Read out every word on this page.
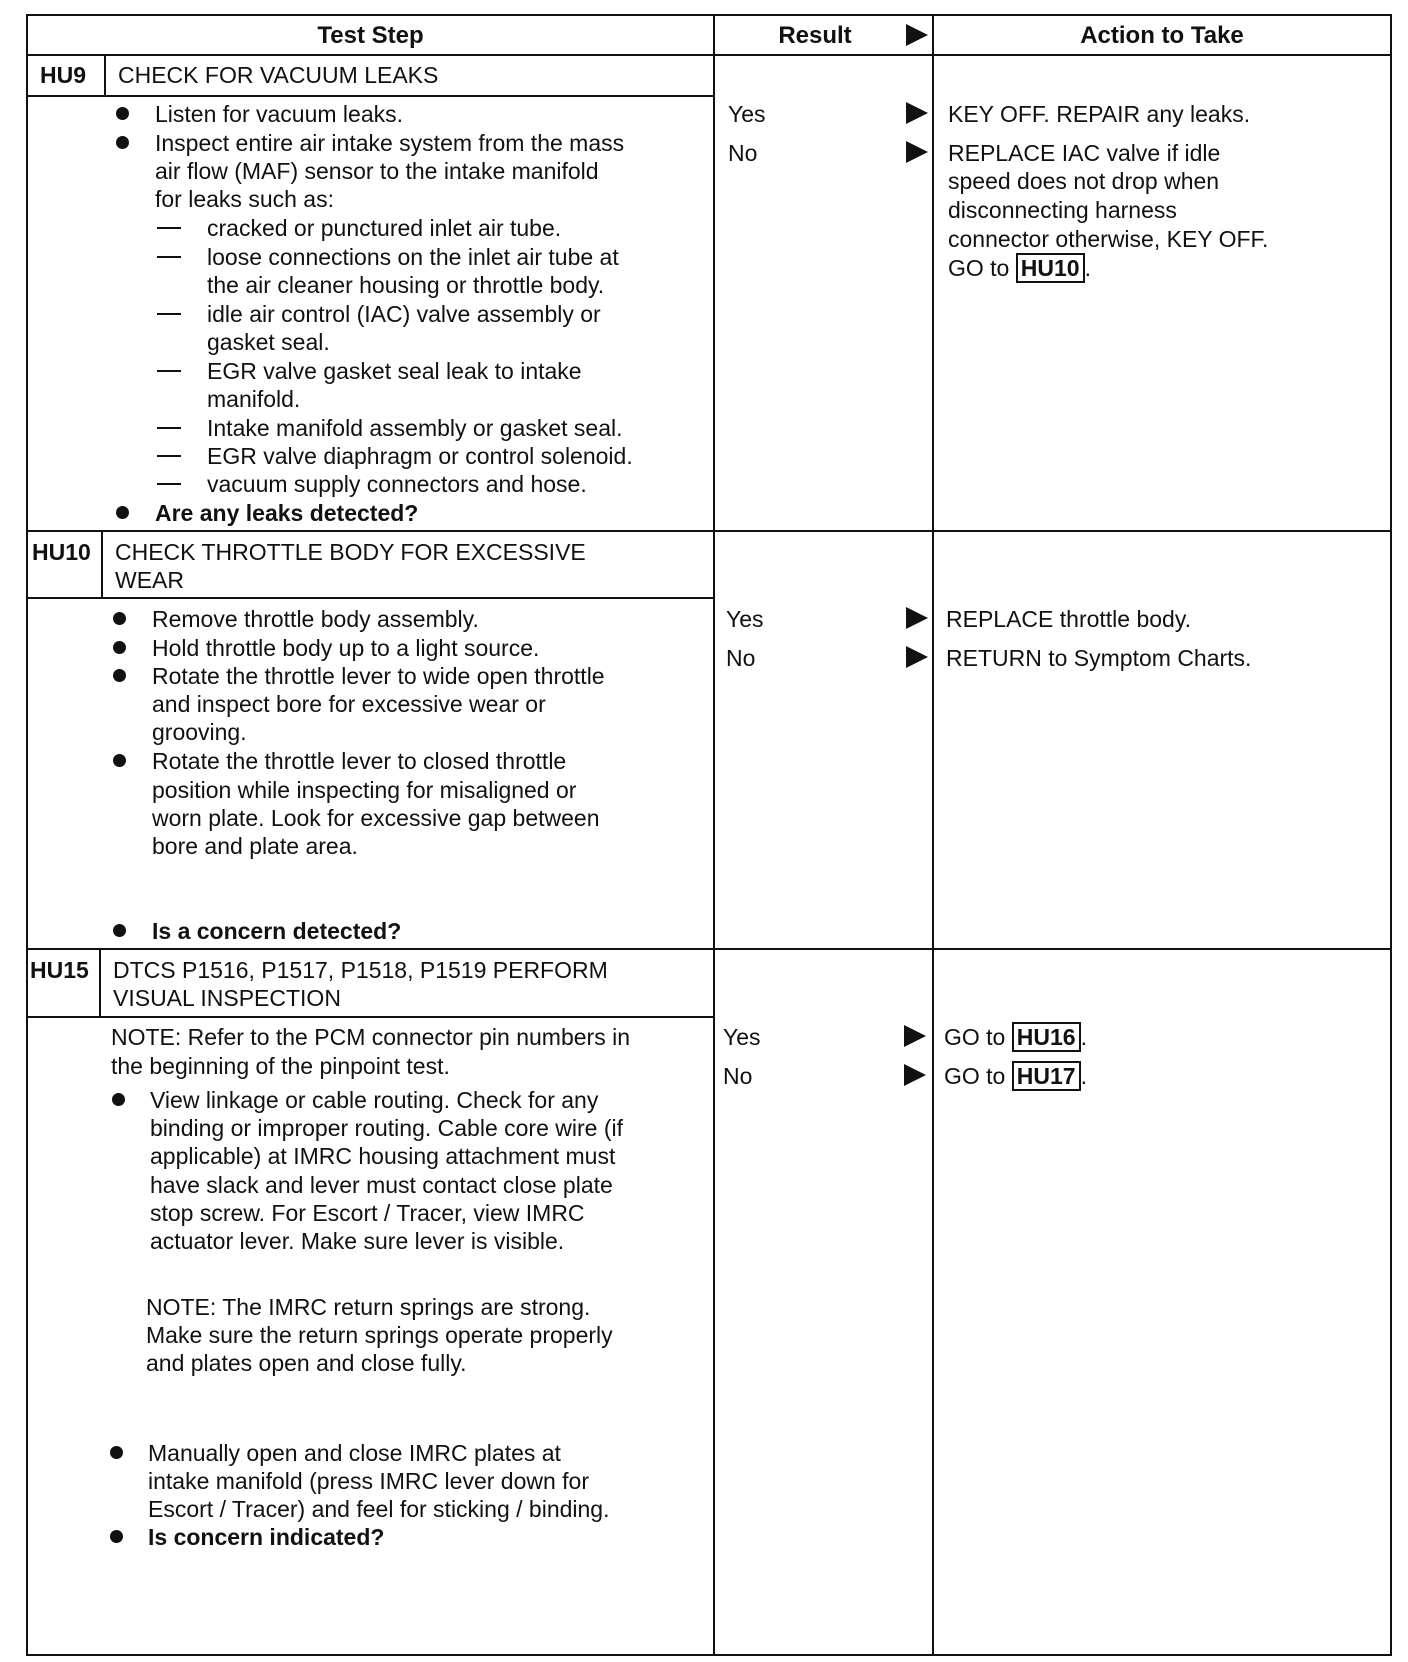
Test Step	Result	Action to Take
HU9 CHECK FOR VACUUM LEAKS
Listen for vacuum leaks.
Inspect entire air intake system from the mass
air flow (MAF) sensor to the intake manifold
for leaks such as:
cracked or punctured inlet air tube.
loose connections on the inlet air tube at
the air cleaner housing or throttle body.
idle air control (IAC) valve assembly or
gasket seal.
EGR valve gasket seal leak to intake
manifold.
Intake manifold assembly or gasket seal.
EGR valve diaphragm or control solenoid.
vacuum supply connectors and hose.
Are any leaks detected?
Yes
No
KEY OFF. REPAIR any leaks.
REPLACE IAC valve if idle
speed does not drop when
disconnecting harness
connector otherwise, KEY OFF.
GO to HU10 .
HU10 CHECK THROTTLE BODY FOR EXCESSIVE
WEAR
Remove throttle body assembly.
Hold throttle body up to a light source.
Rotate the throttle lever to wide open throttle
and inspect bore for excessive wear or
grooving.
Rotate the throttle lever to closed throttle
position while inspecting for misaligned or
worn plate. Look for excessive gap between
bore and plate area.
Is a concern detected?
Yes
No
REPLACE throttle body.
RETURN to Symptom Charts.
HU15 DTCS P1516, P1517, P1518, P1519 PERFORM
VISUAL INSPECTION
NOTE: Refer to the PCM connector pin numbers in
the beginning of the pinpoint test.
View linkage or cable routing. Check for any
binding or improper routing. Cable core wire (if
applicable) at IMRC housing attachment must
have slack and lever must contact close plate
stop screw. For Escort / Tracer, view IMRC
actuator lever. Make sure lever is visible.
NOTE: The IMRC return springs are strong.
Make sure the return springs operate properly
and plates open and close fully.
Manually open and close IMRC plates at
intake manifold (press IMRC lever down for
Escort / Tracer) and feel for sticking / binding.
Is concern indicated?
Yes
No
GO to HU16 .
GO to HU17 .
